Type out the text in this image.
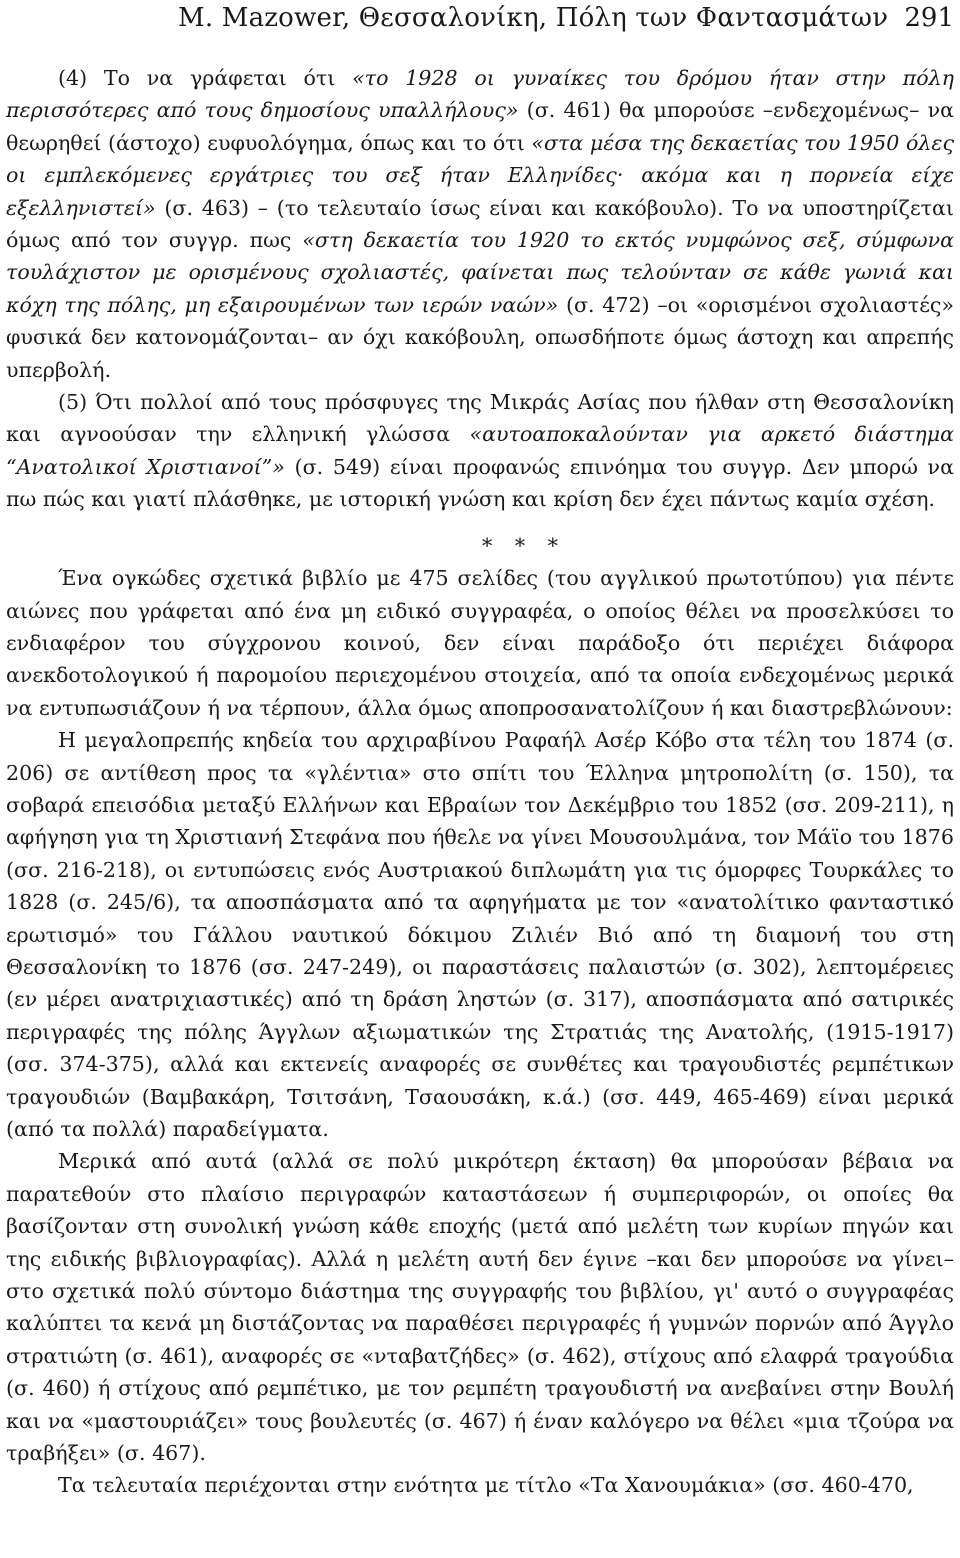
M. Mazower, Θεσσαλονίκη, Πόλη των Φαντασμάτων 291

(4) Το να γράφεται ότι «το 1928 οι γυναίκες του δρόμου ήταν στην πόλη περισσότερες από τους δημοσίους υπαλλήλους» (σ. 461) θα μπορούσε –ενδεχομένως– να θεωρηθεί (άστοχο) ευφυολόγημα, όπως και το ότι «στα μέσα της δεκαετίας του 1950 όλες οι εμπλεκόμενες εργάτριες του σεξ ήταν Ελληνίδες· ακόμα και η πορνεία είχε εξελληνιστεί» (σ. 463) – (το τελευταίο ίσως είναι και κακόβουλο). Το να υποστηρίζεται όμως από τον συγγρ. πως «στη δεκαετία του 1920 το εκτός νυμφώνος σεξ, σύμφωνα τουλάχιστον με ορισμένους σχολιαστές, φαίνεται πως τελούνταν σε κάθε γωνιά και κόχη της πόλης, μη εξαιρουμένων των ιερών ναών» (σ. 472) –οι «ορισμένοι σχολιαστές» φυσικά δεν κατονομάζονται– αν όχι κακόβουλη, οπωσδήποτε όμως άστοχη και απρεπής υπερβολή.

(5) Ότι πολλοί από τους πρόσφυγες της Μικράς Ασίας που ήλθαν στη Θεσσαλονίκη και αγνοούσαν την ελληνική γλώσσα «αυτοαποκαλούνταν για αρκετό διάστημα “Ανατολικοί Χριστιανοί”» (σ. 549) είναι προφανώς επινόημα του συγγρ. Δεν μπορώ να πω πώς και γιατί πλάσθηκε, με ιστορική γνώση και κρίση δεν έχει πάντως καμία σχέση.

* * *

Ένα ογκώδες σχετικά βιβλίο με 475 σελίδες (του αγγλικού πρωτοτύπου) για πέντε αιώνες που γράφεται από ένα μη ειδικό συγγραφέα, ο οποίος θέλει να προσελκύσει το ενδιαφέρον του σύγχρονου κοινού, δεν είναι παράδοξο ότι περιέχει διάφορα ανεκδοτολογικού ή παρομοίου περιεχομένου στοιχεία, από τα οποία ενδεχομένως μερικά να εντυπωσιάζουν ή να τέρπουν, άλλα όμως αποπροσανατολίζουν ή και διαστρεβλώνουν:

Η μεγαλοπρεπής κηδεία του αρχιραβίνου Ραφαήλ Ασέρ Κόβο στα τέλη του 1874 (σ. 206) σε αντίθεση προς τα «γλέντια» στο σπίτι του Έλληνα μητροπολίτη (σ. 150), τα σοβαρά επεισόδια μεταξύ Ελλήνων και Εβραίων τον Δεκέμβριο του 1852 (σσ. 209-211), η αφήγηση για τη Χριστιανή Στεφάνα που ήθελε να γίνει Μουσουλμάνα, τον Μάϊο του 1876 (σσ. 216-218), οι εντυπώσεις ενός Αυστριακού διπλωμάτη για τις όμορφες Τουρκάλες το 1828 (σ. 245/6), τα αποσπάσματα από τα αφηγήματα με τον «ανατολίτικο φανταστικό ερωτισμό» του Γάλλου ναυτικού δόκιμου Ζιλιέν Βιό από τη διαμονή του στη Θεσσαλονίκη το 1876 (σσ. 247-249), οι παραστάσεις παλαιστών (σ. 302), λεπτομέρειες (εν μέρει ανατριχιαστικές) από τη δράση ληστών (σ. 317), αποσπάσματα από σατιρικές περιγραφές της πόλης Άγγλων αξιωματικών της Στρατιάς της Ανατολής, (1915-1917) (σσ. 374-375), αλλά και εκτενείς αναφορές σε συνθέτες και τραγουδιστές ρεμπέτικων τραγουδιών (Βαμβακάρη, Τσιτσάνη, Τσαουσάκη, κ.ά.) (σσ. 449, 465-469) είναι μερικά (από τα πολλά) παραδείγματα.

Μερικά από αυτά (αλλά σε πολύ μικρότερη έκταση) θα μπορούσαν βέβαια να παρατεθούν στο πλαίσιο περιγραφών καταστάσεων ή συμπεριφορών, οι οποίες θα βασίζονταν στη συνολική γνώση κάθε εποχής (μετά από μελέτη των κυρίων πηγών και της ειδικής βιβλιογραφίας). Αλλά η μελέτη αυτή δεν έγινε –και δεν μπορούσε να γίνει– στο σχετικά πολύ σύντομο διάστημα της συγγραφής του βιβλίου, γι' αυτό ο συγγραφέας καλύπτει τα κενά μη διστάζοντας να παραθέσει περιγραφές ή γυμνών πορνών από Άγγλο στρατιώτη (σ. 461), αναφορές σε «νταβατζήδες» (σ. 462), στίχους από ελαφρά τραγούδια (σ. 460) ή στίχους από ρεμπέτικο, με τον ρεμπέτη τραγουδιστή να ανεβαίνει στην Βουλή και να «μαστουριάζει» τους βουλευτές (σ. 467) ή έναν καλόγερο να θέλει «μια τζούρα να τραβήξει» (σ. 467).

Τα τελευταία περιέχονται στην ενότητα με τίτλο «Τα Χανουμάκια» (σσ. 460-470,
